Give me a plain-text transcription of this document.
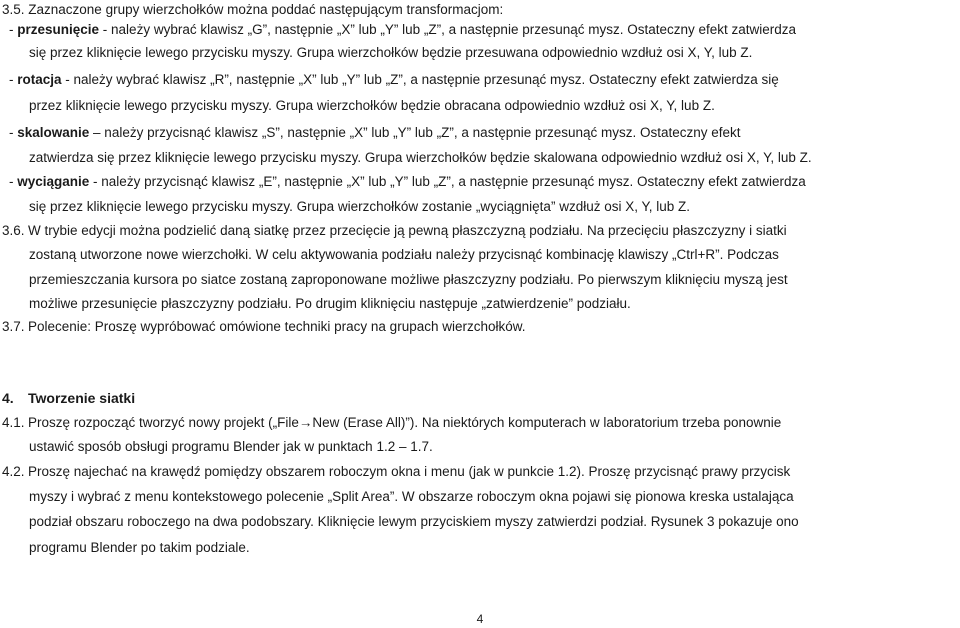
3.5. Zaznaczone grupy wierzchołków można poddać następującym transformacjom:
- przesunięcie - należy wybrać klawisz „G”, następnie „X” lub „Y” lub „Z”, a następnie przesunąć mysz. Ostateczny efekt zatwierdza
się przez kliknięcie lewego przycisku myszy. Grupa wierzchołków będzie przesuwana odpowiednio wzdłuż osi X, Y, lub Z.
- rotacja - należy wybrać klawisz „R”, następnie „X” lub „Y” lub „Z”, a następnie przesunąć mysz. Ostateczny efekt zatwierdza się
przez kliknięcie lewego przycisku myszy. Grupa wierzchołków będzie obracana odpowiednio wzdłuż osi X, Y, lub Z.
- skalowanie – należy przycisnąć klawisz „S”, następnie „X” lub „Y” lub „Z”, a następnie przesunąć mysz. Ostateczny efekt
zatwierdza się przez kliknięcie lewego przycisku myszy. Grupa wierzchołków będzie skalowana odpowiednio wzdłuż osi X, Y, lub Z.
- wyciąganie - należy przycisnąć klawisz „E”, następnie „X” lub „Y” lub „Z”, a następnie przesunąć mysz. Ostateczny efekt zatwierdza
się przez kliknięcie lewego przycisku myszy. Grupa wierzchołków zostanie „wyciągnięta” wzdłuż osi X, Y, lub Z.
3.6. W trybie edycji można podzielić daną siatkę przez przecięcie ją pewną płaszczyzną podziału. Na przecięciu płaszczyzny i siatki
zostaną utworzone nowe wierzchołki. W celu aktywowania podziału należy przycisnąć kombinację klawiszy „Ctrl+R”. Podczas
przemieszczania kursora po siatce zostaną zaproponowane możliwe płaszczyzny podziału. Po pierwszym kliknięciu myszą jest
możliwe przesunięcie płaszczyzny podziału. Po drugim kliknięciu następuje „zatwierdzenie” podziału.
3.7. Polecenie: Proszę wypróbować omówione techniki pracy na grupach wierzchołków.
4. Tworzenie siatki
4.1. Proszę rozpocząć tworzyć nowy projekt („File→New (Erase All)”). Na niektórych komputerach w laboratorium trzeba ponownie
ustawić sposób obsługi programu Blender jak w punktach 1.2 – 1.7.
4.2. Proszę najechać na krawędź pomiędzy obszarem roboczym okna i menu (jak w punkcie 1.2). Proszę przycisnąć prawy przycisk
myszy i wybrać z menu kontekstowego polecenie „Split Area”. W obszarze roboczym okna pojawi się pionowa kreska ustalająca
podział obszaru roboczego na dwa podobszary. Kliknięcie lewym przyciskiem myszy zatwierdzi podział. Rysunek 3 pokazuje ono
programu Blender po takim podziale.
4
